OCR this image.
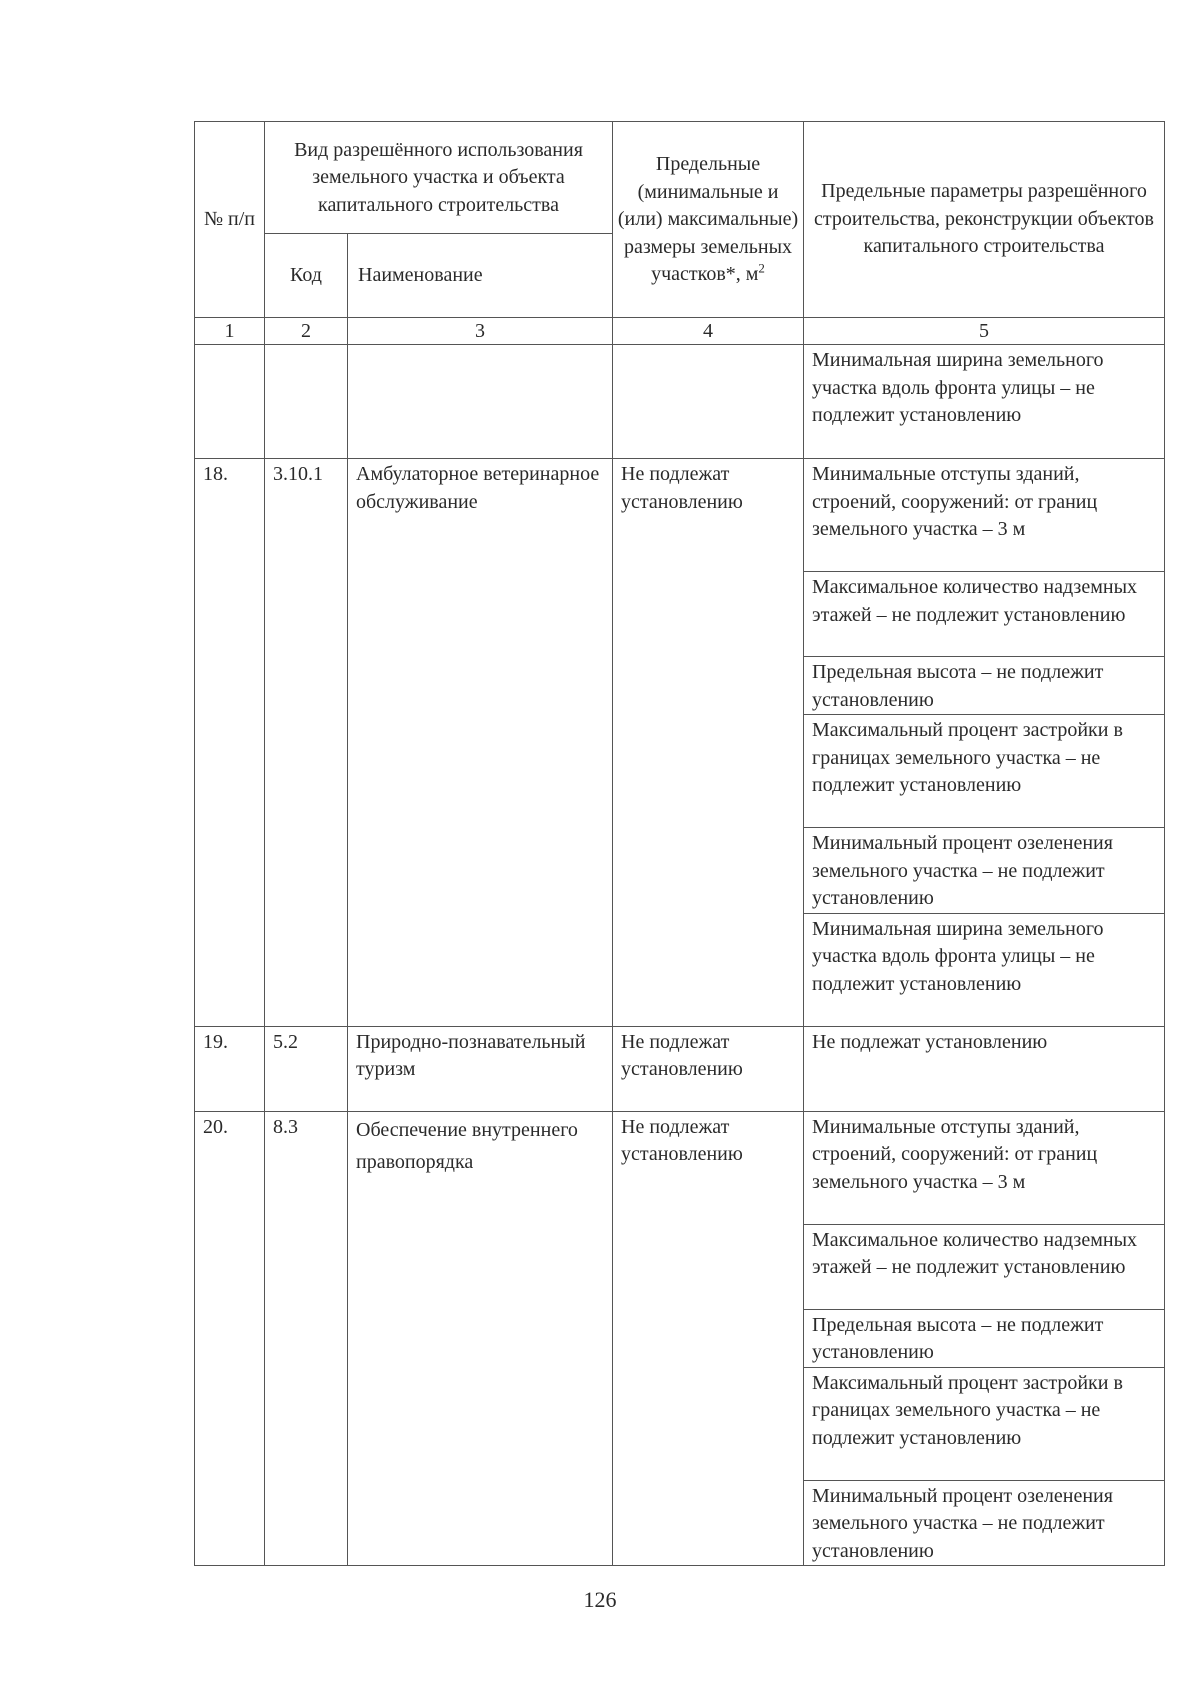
№ п/п	Вид разрешённого использования земельного участка и объекта капитального строительства		Предельные (минимальные и (или) максимальные) размеры земельных участков*, $м^2$	Предельные параметры разрешённого строительства, реконструкции объектов капитального строительства
	Код	Наименование		
1	2	3	4	5
				Минимальная ширина земельного участка вдоль фронта улицы – не подлежит установлению
18.	3.10.1	Амбулаторное ветеринарное обслуживание	Не подлежат установлению	Минимальные отступы зданий, строений, сооружений: от границ земельного участка – 3 м
				Максимальное количество надземных этажей – не подлежит установлению
				Предельная высота – не подлежит установлению
				Максимальный процент застройки в границах земельного участка – не подлежит установлению
				Минимальный процент озеленения земельного участка – не подлежит установлению
				Минимальная ширина земельного участка вдоль фронта улицы – не подлежит установлению
19.	5.2	Природно-познавательный туризм	Не подлежат установлению	Не подлежат установлению
20.	8.3	Обеспечение внутреннего правопорядка	Не подлежат установлению	Минимальные отступы зданий, строений, сооружений: от границ земельного участка – 3 м
				Максимальное количество надземных этажей – не подлежит установлению
				Предельная высота – не подлежит установлению
				Максимальный процент застройки в границах земельного участка – не подлежит установлению
				Минимальный процент озеленения земельного участка – не подлежит установлению
126
